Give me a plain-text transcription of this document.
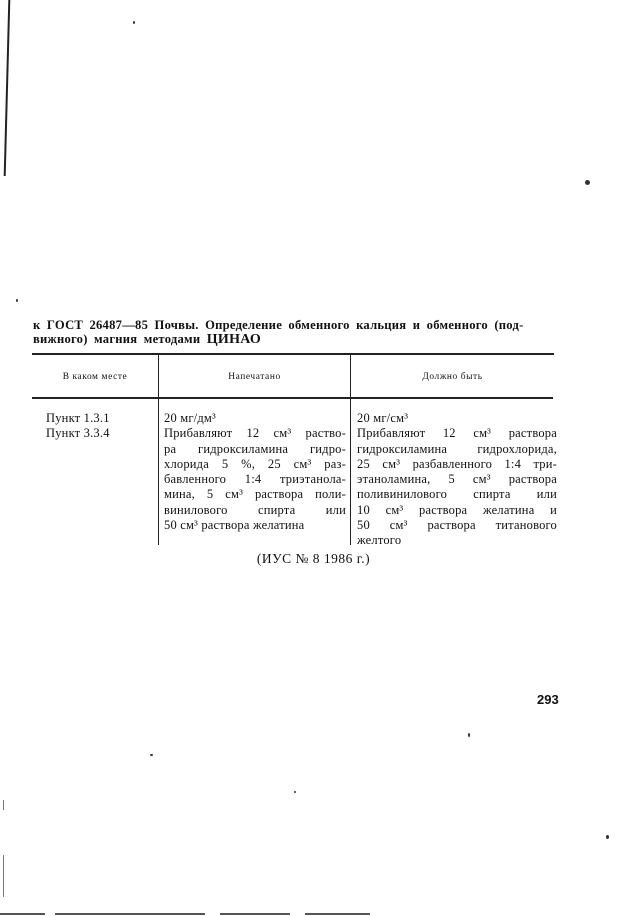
к ГОСТ 26487—85 Почвы. Определение обменного кальция и обменного (под-
вижного) магния методами ЦИНАО
В каком месте	Напечатано	Должно быть
Пункт 1.3.1
Пункт 3.3.4
20 мг/дм³
Прибавляют 12 см³ раство-
ра гидроксиламина гидро-
хлорида 5 %, 25 см³ раз-
бавленного 1:4 триэтанола-
мина, 5 см³ раствора поли-
винилового спирта или
50 см³ раствора желатина
20 мг/см³
Прибавляют 12 см³ раствора
гидроксиламина гидрохлорида,
25 см³ разбавленного 1:4 три-
этаноламина, 5 см³ раствора
поливинилового спирта или
10 см³ раствора желатина и
50 см³ раствора титанового
желтого
(ИУС № 8 1986 г.)
293
